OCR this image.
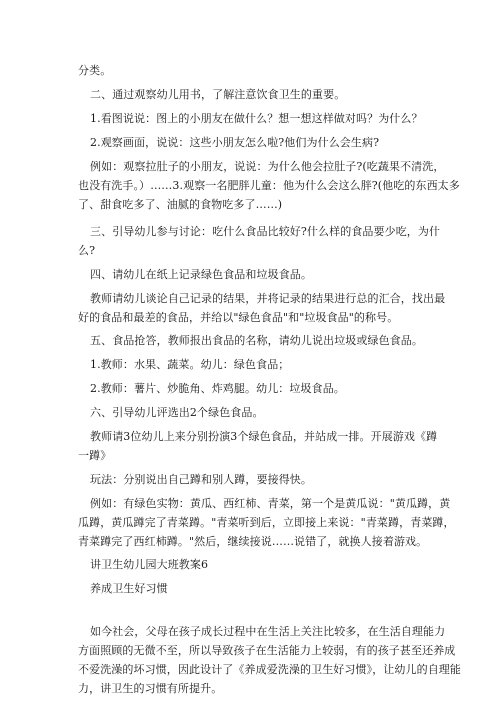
分类。
二、通过观察幼儿用书，了解注意饮食卫生的重要。
1.看图说说：图上的小朋友在做什么？想一想这样做对吗？为什么？
2.观察画面，说说：这些小朋友怎么啦?他们为什么会生病?
例如：观察拉肚子的小朋友，说说：为什么他会拉肚子?(吃蔬果不清洗，
也没有洗手。）……3.观察一名肥胖儿童：他为什么会这么胖?(他吃的东西太多
了、甜食吃多了、油腻的食物吃多了……)
三、引导幼儿参与讨论：吃什么食品比较好?什么样的食品要少吃，为什
么?
四、请幼儿在纸上记录绿色食品和垃圾食品。
教师请幼儿谈论自己记录的结果，并将记录的结果进行总的汇合，找出最
好的食品和最差的食品，并给以"绿色食品"和"垃圾食品"的称号。
五、食品抢答，教师报出食品的名称，请幼儿说出垃圾或绿色食品。
1.教师：水果、蔬菜。幼儿：绿色食品；
2.教师：薯片、炒脆角、炸鸡腿。幼儿：垃圾食品。
六、引导幼儿评选出2个绿色食品。
教师请3位幼儿上来分别扮演3个绿色食品，并站成一排。开展游戏《蹲
一蹲》
玩法：分别说出自己蹲和别人蹲，要接得快。
例如：有绿色实物：黄瓜、西红柿、青菜，第一个是黄瓜说："黄瓜蹲，黄
瓜蹲，黄瓜蹲完了青菜蹲。"青菜听到后，立即接上来说："青菜蹲，青菜蹲，
青菜蹲完了西红柿蹲。"然后，继续接说……说错了，就换人接着游戏。
讲卫生幼儿园大班教案6
养成卫生好习惯
如今社会，父母在孩子成长过程中在生活上关注比较多，在生活自理能力
方面照顾的无微不至，所以导致孩子在生活能力上较弱，有的孩子甚至还养成
不爱洗澡的坏习惯，因此设计了《养成爱洗澡的卫生好习惯》，让幼儿的自理能
力，讲卫生的习惯有所提升。
